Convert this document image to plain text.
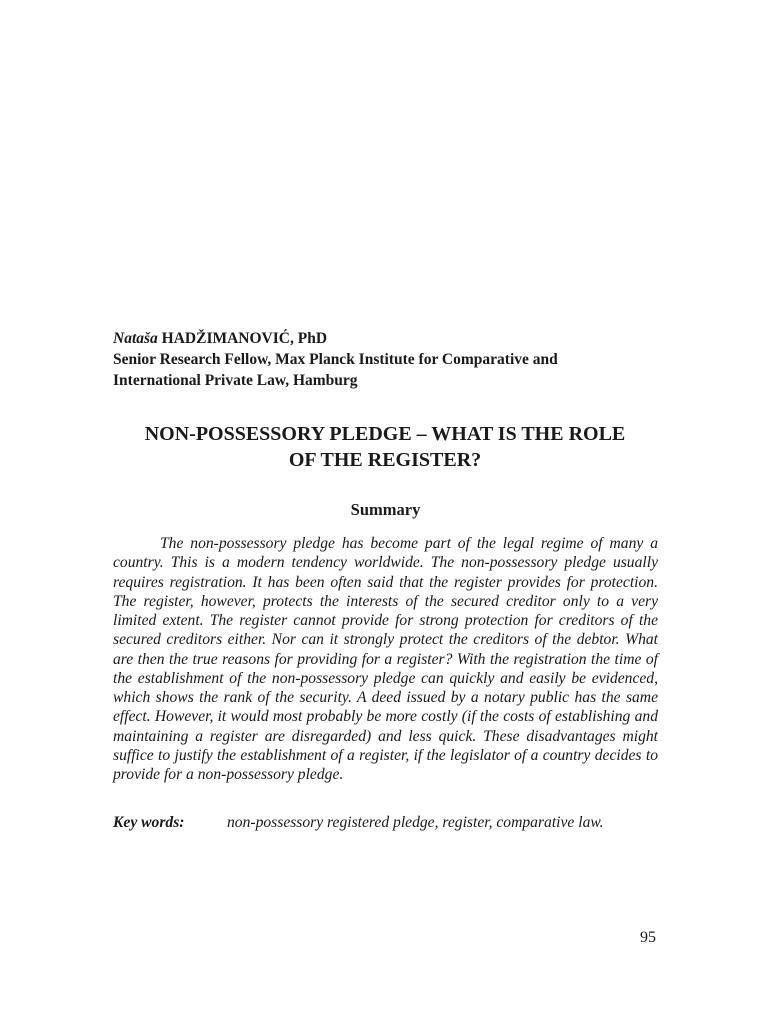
Nataša HADŽIMANOVIĆ, PhD
Senior Research Fellow, Max Planck Institute for Comparative and
International Private Law, Hamburg
NON-POSSESSORY PLEDGE – WHAT IS THE ROLE
OF THE REGISTER?
Summary

The non-possessory pledge has become part of the legal regime of many a country. This is a modern tendency worldwide. The non-possessory pledge usually requires registration. It has been often said that the register provides for protection. The register, however, protects the interests of the secured creditor only to a very limited extent. The register cannot provide for strong protection for creditors of the secured creditors either. Nor can it strongly protect the creditors of the debtor. What are then the true reasons for providing for a register? With the registration the time of the establishment of the non-possessory pledge can quickly and easily be evidenced, which shows the rank of the security. A deed issued by a notary public has the same effect. However, it would most probably be more costly (if the costs of establishing and maintaining a register are disregarded) and less quick. These disadvantages might suffice to justify the establishment of a register, if the legislator of a country decides to provide for a non-possessory pledge.

Key words:	non-possessory registered pledge, register, comparative law.
95
